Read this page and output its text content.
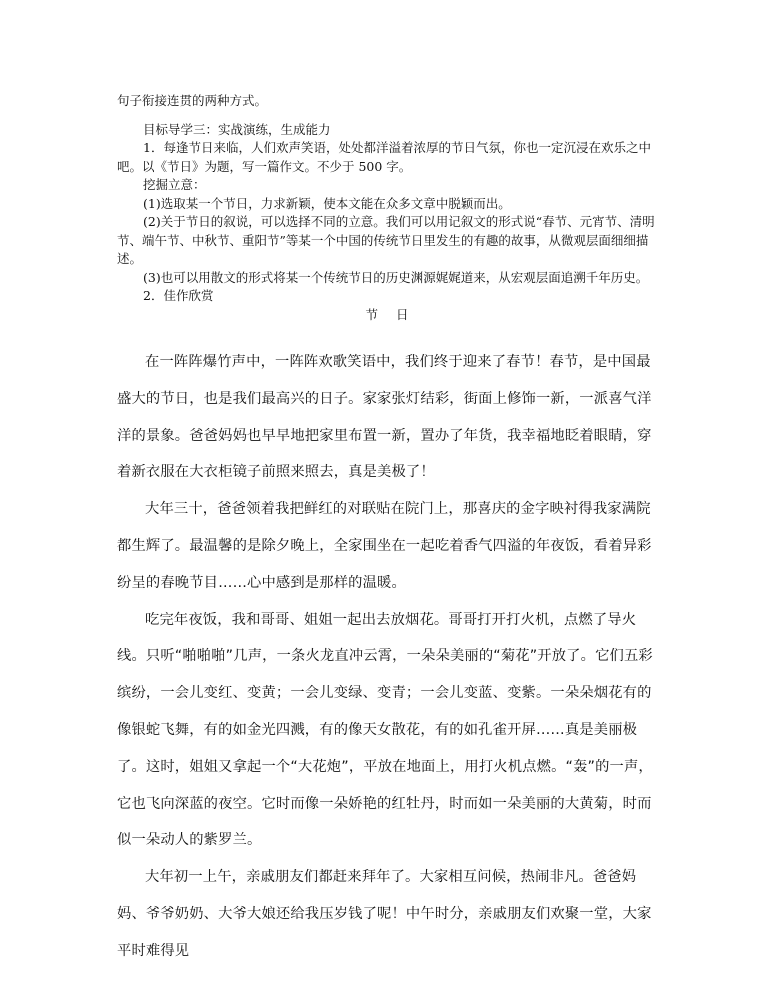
句子衔接连贯的两种方式。

目标导学三：实战演练，生成能力

1．每逢节日来临，人们欢声笑语，处处都洋溢着浓厚的节日气氛，你也一定沉浸在欢乐之中吧。以《节日》为题，写一篇作文。不少于 500 字。

挖掘立意：

(1)选取某一个节日，力求新颖，使本文能在众多文章中脱颖而出。

(2)关于节日的叙说，可以选择不同的立意。我们可以用记叙文的形式说“春节、元宵节、清明节、端午节、中秋节、重阳节”等某一个中国的传统节日里发生的有趣的故事，从微观层面细细描述。

(3)也可以用散文的形式将某一个传统节日的历史渊源娓娓道来，从宏观层面追溯千年历史。

2．佳作欣赏

节日

在一阵阵爆竹声中，一阵阵欢歌笑语中，我们终于迎来了春节！春节，是中国最盛大的节日，也是我们最高兴的日子。家家张灯结彩，街面上修饰一新，一派喜气洋洋的景象。爸爸妈妈也早早地把家里布置一新，置办了年货，我幸福地眨着眼睛，穿着新衣服在大衣柜镜子前照来照去，真是美极了！

大年三十，爸爸领着我把鲜红的对联贴在院门上，那喜庆的金字映衬得我家满院都生辉了。最温馨的是除夕晚上，全家围坐在一起吃着香气四溢的年夜饭，看着异彩纷呈的春晚节目……心中感到是那样的温暖。

吃完年夜饭，我和哥哥、姐姐一起出去放烟花。哥哥打开打火机，点燃了导火线。只听“啪啪啪”几声，一条火龙直冲云霄，一朵朵美丽的“菊花”开放了。它们五彩缤纷，一会儿变红、变黄；一会儿变绿、变青；一会儿变蓝、变紫。一朵朵烟花有的像银蛇飞舞，有的如金光四溅，有的像天女散花，有的如孔雀开屏……真是美丽极了。这时，姐姐又拿起一个“大花炮”，平放在地面上，用打火机点燃。“轰”的一声，它也飞向深蓝的夜空。它时而像一朵娇艳的红牡丹，时而如一朵美丽的大黄菊，时而似一朵动人的紫罗兰。

大年初一上午，亲戚朋友们都赶来拜年了。大家相互问候，热闹非凡。爸爸妈妈、爷爷奶奶、大爷大娘还给我压岁钱了呢！中午时分，亲戚朋友们欢聚一堂，大家平时难得见
